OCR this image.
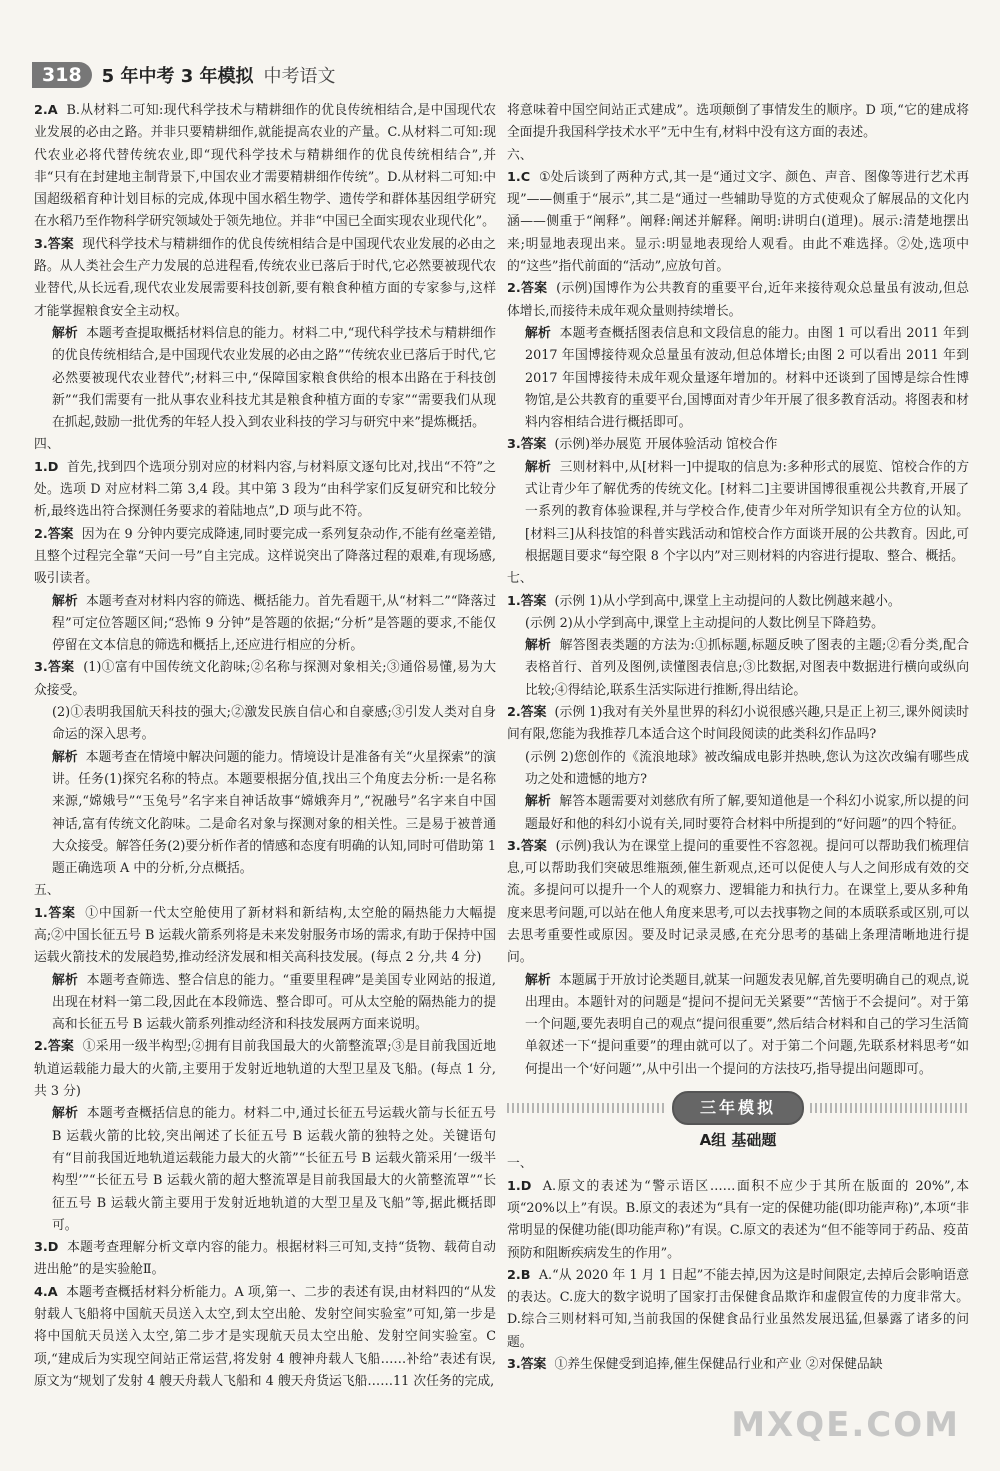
318	5 年中考 3 年模拟 中考语文

2.A B.从材料二可知:现代科学技术与精耕细作的优良传统相结合,是中国现代农业发展的必由之路。并非只要精耕细作,就能提高农业的产量。C.从材料二可知:现代农业必将代替传统农业,即“现代科学技术与精耕细作的优良传统相结合”,并非“只有在封建地主制背景下,中国农业才需要精耕细作传统”。D.从材料二可知:中国超级稻育种计划目标的完成,体现中国水稻生物学、遗传学和群体基因组学研究在水稻乃至作物科学研究领域处于领先地位。并非“中国已全面实现农业现代化”。

3.答案 现代科学技术与精耕细作的优良传统相结合是中国现代农业发展的必由之路。从人类社会生产力发展的总进程看,传统农业已落后于时代,它必然要被现代农业替代,从长远看,现代农业发展需要科技创新,要有粮食种植方面的专家参与,这样才能掌握粮食安全主动权。

解析 本题考查提取概括材料信息的能力。材料二中,“现代科学技术与精耕细作的优良传统相结合,是中国现代农业发展的必由之路”“传统农业已落后于时代,它必然要被现代农业替代”;材料三中,“保障国家粮食供给的根本出路在于科技创新”“我们需要有一批从事农业科技尤其是粮食种植方面的专家”“需要我们从现在抓起,鼓励一批优秀的年轻人投入到农业科技的学习与研究中来”提炼概括。

四、

1.D 首先,找到四个选项分别对应的材料内容,与材料原文逐句比对,找出“不符”之处。选项 D 对应材料二第 3,4 段。其中第 3 段为“由科学家们反复研究和比较分析,最终选出符合探测任务要求的着陆地点”,D 项与此不符。

2.答案 因为在 9 分钟内要完成降速,同时要完成一系列复杂动作,不能有丝毫差错,且整个过程完全靠“天问一号”自主完成。这样说突出了降落过程的艰难,有现场感,吸引读者。

解析 本题考查对材料内容的筛选、概括能力。首先看题干,从“材料二”“降落过程”可定位答题区间;“恐怖 9 分钟”是答题的依据;“分析”是答题的要求,不能仅停留在文本信息的筛选和概括上,还应进行相应的分析。

3.答案 (1)①富有中国传统文化韵味;②名称与探测对象相关;③通俗易懂,易为大众接受。

(2)①表明我国航天科技的强大;②激发民族自信心和自豪感;③引发人类对自身命运的深入思考。

解析 本题考查在情境中解决问题的能力。情境设计是准备有关“火星探索”的演讲。任务(1)探究名称的特点。本题要根据分值,找出三个角度去分析:一是名称来源,“嫦娥号”“玉兔号”名字来自神话故事“嫦娥奔月”,“祝融号”名字来自中国神话,富有传统文化韵味。二是命名对象与探测对象的相关性。三是易于被普通大众接受。解答任务(2)要分析作者的情感和态度有明确的认知,同时可借助第 1 题正确选项 A 中的分析,分点概括。

五、

1.答案 ①中国新一代太空舱使用了新材料和新结构,太空舱的隔热能力大幅提高;②中国长征五号 B 运载火箭系列将是未来发射服务市场的需求,有助于保持中国运载火箭技术的发展趋势,推动经济发展和相关高科技发展。(每点 2 分,共 4 分)

解析 本题考查筛选、整合信息的能力。“重要里程碑”是美国专业网站的报道,出现在材料一第二段,因此在本段筛选、整合即可。可从太空舱的隔热能力的提高和长征五号 B 运载火箭系列推动经济和科技发展两方面来说明。

2.答案 ①采用一级半构型;②拥有目前我国最大的火箭整流罩;③是目前我国近地轨道运载能力最大的火箭,主要用于发射近地轨道的大型卫星及飞船。(每点 1 分,共 3 分)

解析 本题考查概括信息的能力。材料二中,通过长征五号运载火箭与长征五号 B 运载火箭的比较,突出阐述了长征五号 B 运载火箭的独特之处。关键语句有“目前我国近地轨道运载能力最大的火箭”“长征五号 B 运载火箭采用‘一级半构型’”“长征五号 B 运载火箭的超大整流罩是目前我国最大的火箭整流罩”“长征五号 B 运载火箭主要用于发射近地轨道的大型卫星及飞船”等,据此概括即可。

3.D 本题考查理解分析文章内容的能力。根据材料三可知,支持“货物、载荷自动进出舱”的是实验舱Ⅱ。

4.A 本题考查概括材料分析能力。A 项,第一、二步的表述有误,由材料四的“从发射载人飞船将中国航天员送入太空,到太空出舱、发射空间实验室”可知,第一步是将中国航天员送入太空,第二步才是实现航天员太空出舱、发射空间实验室。C 项,“建成后为实现空间站正常运营,将发射 4 艘神舟载人飞船……补给”表述有误,原文为“规划了发射 4 艘天舟载人飞船和 4 艘天舟货运飞船……11 次任务的完成,

将意味着中国空间站正式建成”。选项颠倒了事情发生的顺序。D 项,“它的建成将全面提升我国科学技术水平”无中生有,材料中没有这方面的表述。

六、

1.C ①处后谈到了两种方式,其一是“通过文字、颜色、声音、图像等进行艺术再现”——侧重于“展示”,其二是“通过一些辅助导览的方式使观众了解展品的文化内涵——侧重于“阐释”。阐释:阐述并解释。阐明:讲明白(道理)。展示:清楚地摆出来;明显地表现出来。显示:明显地表现给人观看。由此不难选择。②处,选项中的“这些”指代前面的“活动”,应放句首。

2.答案 (示例)国博作为公共教育的重要平台,近年来接待观众总量虽有波动,但总体增长,而接待未成年观众量则持续增长。

解析 本题考查概括图表信息和文段信息的能力。由图 1 可以看出 2011 年到 2017 年国博接待观众总量虽有波动,但总体增长;由图 2 可以看出 2011 年到 2017 年国博接待未成年观众量逐年增加的。材料中还谈到了国博是综合性博物馆,是公共教育的重要平台,国博面对青少年开展了很多教育活动。将图表和材料内容相结合进行概括即可。

3.答案 (示例)举办展览 开展体验活动 馆校合作

解析 三则材料中,从[材料一]中提取的信息为:多种形式的展览、馆校合作的方式让青少年了解优秀的传统文化。[材料二]主要讲国博很重视公共教育,开展了一系列的教育体验课程,并与学校合作,使青少年对所学知识有全方位的认知。[材料三]从科技馆的科普实践活动和馆校合作方面谈开展的公共教育。因此,可根据题目要求“每空限 8 个字以内”对三则材料的内容进行提取、整合、概括。

七、

1.答案 (示例 1)从小学到高中,课堂上主动提问的人数比例越来越小。

(示例 2)从小学到高中,课堂上主动提问的人数比例呈下降趋势。

解析 解答图表类题的方法为:①抓标题,标题反映了图表的主题;②看分类,配合表格首行、首列及图例,读懂图表信息;③比数据,对图表中数据进行横向或纵向比较;④得结论,联系生活实际进行推断,得出结论。

2.答案 (示例 1)我对有关外星世界的科幻小说很感兴趣,只是正上初三,课外阅读时间有限,您能为我推荐几本适合这个时间段阅读的此类科幻作品吗?

(示例 2)您创作的《流浪地球》被改编成电影并热映,您认为这次改编有哪些成功之处和遗憾的地方?

解析 解答本题需要对刘慈欣有所了解,要知道他是一个科幻小说家,所以提的问题最好和他的科幻小说有关,同时要符合材料中所提到的“好问题”的四个特征。

3.答案 (示例)我认为在课堂上提问的重要性不容忽视。提问可以帮助我们梳理信息,可以帮助我们突破思维瓶颈,催生新观点,还可以促使人与人之间形成有效的交流。多提问可以提升一个人的观察力、逻辑能力和执行力。在课堂上,要从多种角度来思考问题,可以站在他人角度来思考,可以去找事物之间的本质联系或区别,可以去思考重要性或原因。要及时记录灵感,在充分思考的基础上条理清晰地进行提问。

解析 本题属于开放讨论类题目,就某一问题发表见解,首先要明确自己的观点,说出理由。本题针对的问题是“提问不提问无关紧要”“苦恼于不会提问”。对于第一个问题,要先表明自己的观点“提问很重要”,然后结合材料和自己的学习生活简单叙述一下“提问重要”的理由就可以了。对于第二个问题,先联系材料思考“如何提出一个‘好问题’”,从中引出一个提问的方法技巧,指导提出问题即可。

三年模拟
A组 基础题

一、

1.D A.原文的表述为“警示语区……面积不应少于其所在版面的 20%”,本项“20%以上”有误。B.原文的表述为“具有一定的保健功能(即功能声称)”,本项“非常明显的保健功能(即功能声称)”有误。C.原文的表述为“但不能等同于药品、疫苗预防和阻断疾病发生的作用”。

2.B A.“从 2020 年 1 月 1 日起”不能去掉,因为这是时间限定,去掉后会影响语意的表达。C.庞大的数字说明了国家打击保健食品欺诈和虚假宣传的力度非常大。D.综合三则材料可知,当前我国的保健食品行业虽然发展迅猛,但暴露了诸多的问题。

3.答案 ①养生保健受到追捧,催生保健品行业和产业 ②对保健品缺

MXQE.COM
